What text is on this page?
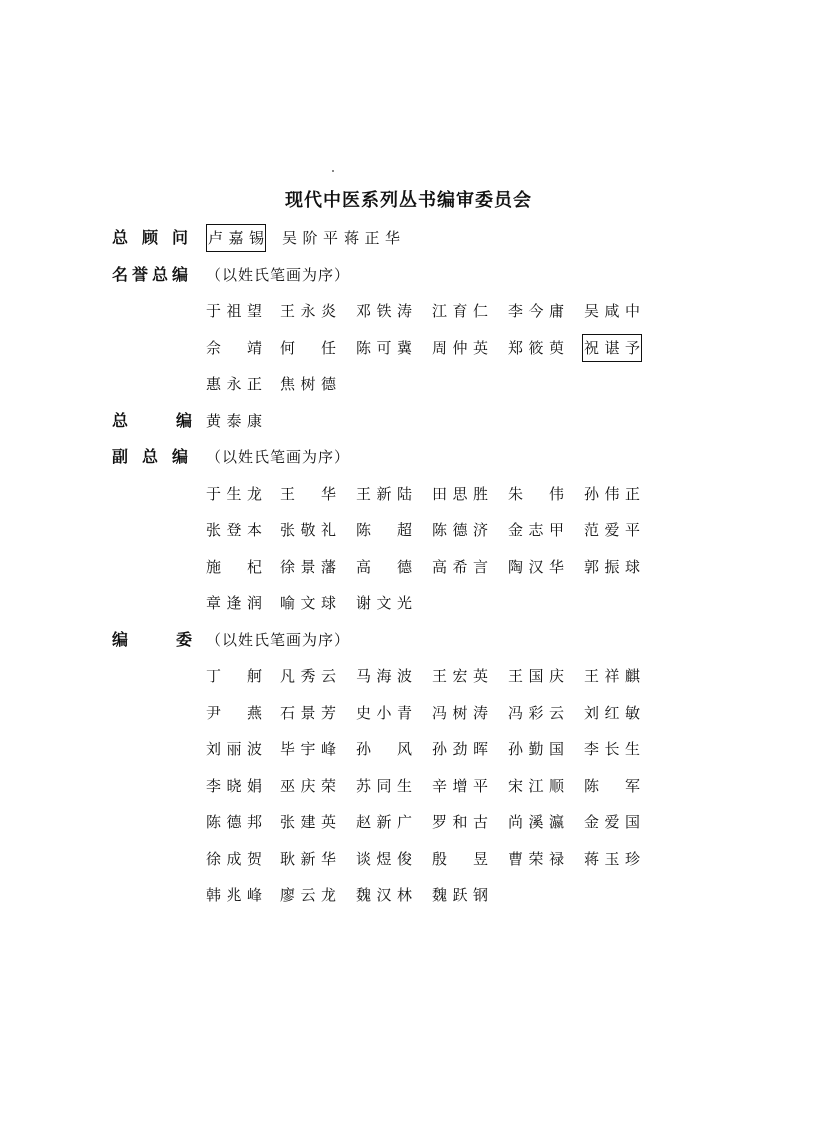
现代中医系列丛书编审委员会
总 顾 问 卢嘉锡 吴阶平 蒋正华
名 誉 总 编 （以姓氏笔画为序）
于祖望 王永炎 邓铁涛 江育仁 李今庸 吴咸中
佘　靖 何　任 陈可冀 周仲英 郑筱萸 祝谌予
惠永正 焦树德
总	编 黄泰康
副 总 编 （以姓氏笔画为序）
于生龙 王　华 王新陆 田思胜 朱　伟 孙伟正
张登本 张敬礼 陈　超 陈德济 金志甲 范爱平
施　杞 徐景藩 高　德 高希言 陶汉华 郭振球
章逢润 喻文球 谢文光
编	委 （以姓氏笔画为序）
丁　舸 凡秀云 马海波 王宏英 王国庆 王祥麒
尹　燕 石景芳 史小青 冯树涛 冯彩云 刘红敏
刘丽波 毕宇峰 孙　风 孙劲晖 孙勤国 李长生
李晓娟 巫庆荣 苏同生 辛增平 宋江顺 陈　军
陈德邦 张建英 赵新广 罗和古 尚溪瀛 金爱国
徐成贺 耿新华 谈煜俊 殷　昱 曹荣禄 蒋玉珍
韩兆峰 廖云龙 魏汉林 魏跃钢
